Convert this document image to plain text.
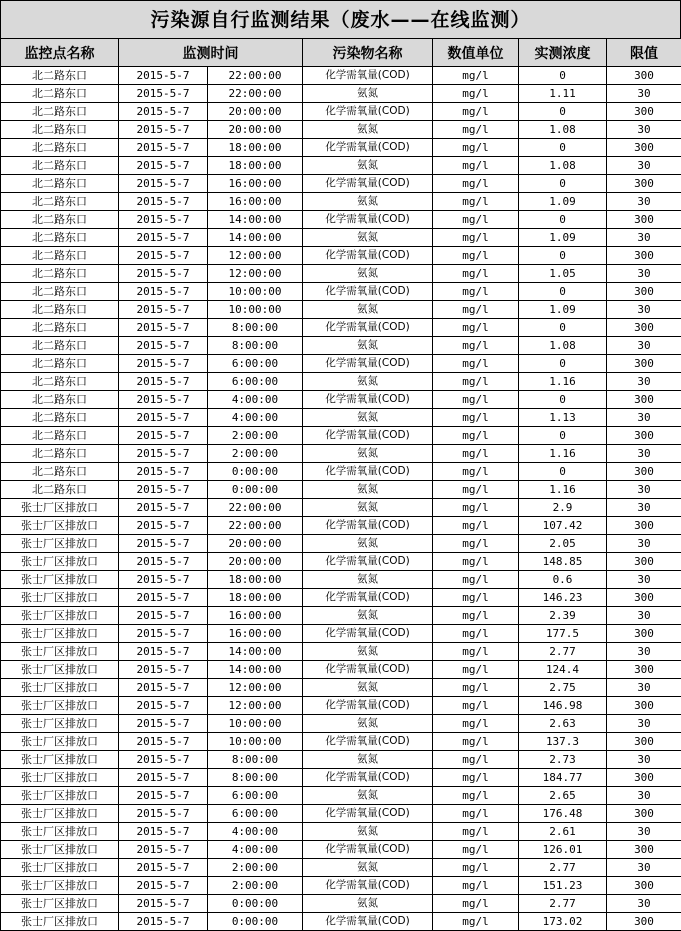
污染源自行监测结果（废水——在线监测）
监控点名称	监测时间		污染物名称	数值单位	实测浓度	限值
北二路东口	2015-5-7	22:00:00	化学需氧量(COD)	mg/l	0	300
北二路东口	2015-5-7	22:00:00	氨氮	mg/l	1.11	30
北二路东口	2015-5-7	20:00:00	化学需氧量(COD)	mg/l	0	300
北二路东口	2015-5-7	20:00:00	氨氮	mg/l	1.08	30
北二路东口	2015-5-7	18:00:00	化学需氧量(COD)	mg/l	0	300
北二路东口	2015-5-7	18:00:00	氨氮	mg/l	1.08	30
北二路东口	2015-5-7	16:00:00	化学需氧量(COD)	mg/l	0	300
北二路东口	2015-5-7	16:00:00	氨氮	mg/l	1.09	30
北二路东口	2015-5-7	14:00:00	化学需氧量(COD)	mg/l	0	300
北二路东口	2015-5-7	14:00:00	氨氮	mg/l	1.09	30
北二路东口	2015-5-7	12:00:00	化学需氧量(COD)	mg/l	0	300
北二路东口	2015-5-7	12:00:00	氨氮	mg/l	1.05	30
北二路东口	2015-5-7	10:00:00	化学需氧量(COD)	mg/l	0	300
北二路东口	2015-5-7	10:00:00	氨氮	mg/l	1.09	30
北二路东口	2015-5-7	8:00:00	化学需氧量(COD)	mg/l	0	300
北二路东口	2015-5-7	8:00:00	氨氮	mg/l	1.08	30
北二路东口	2015-5-7	6:00:00	化学需氧量(COD)	mg/l	0	300
北二路东口	2015-5-7	6:00:00	氨氮	mg/l	1.16	30
北二路东口	2015-5-7	4:00:00	化学需氧量(COD)	mg/l	0	300
北二路东口	2015-5-7	4:00:00	氨氮	mg/l	1.13	30
北二路东口	2015-5-7	2:00:00	化学需氧量(COD)	mg/l	0	300
北二路东口	2015-5-7	2:00:00	氨氮	mg/l	1.16	30
北二路东口	2015-5-7	0:00:00	化学需氧量(COD)	mg/l	0	300
北二路东口	2015-5-7	0:00:00	氨氮	mg/l	1.16	30
张士厂区排放口	2015-5-7	22:00:00	氨氮	mg/l	2.9	30
张士厂区排放口	2015-5-7	22:00:00	化学需氧量(COD)	mg/l	107.42	300
张士厂区排放口	2015-5-7	20:00:00	氨氮	mg/l	2.05	30
张士厂区排放口	2015-5-7	20:00:00	化学需氧量(COD)	mg/l	148.85	300
张士厂区排放口	2015-5-7	18:00:00	氨氮	mg/l	0.6	30
张士厂区排放口	2015-5-7	18:00:00	化学需氧量(COD)	mg/l	146.23	300
张士厂区排放口	2015-5-7	16:00:00	氨氮	mg/l	2.39	30
张士厂区排放口	2015-5-7	16:00:00	化学需氧量(COD)	mg/l	177.5	300
张士厂区排放口	2015-5-7	14:00:00	氨氮	mg/l	2.77	30
张士厂区排放口	2015-5-7	14:00:00	化学需氧量(COD)	mg/l	124.4	300
张士厂区排放口	2015-5-7	12:00:00	氨氮	mg/l	2.75	30
张士厂区排放口	2015-5-7	12:00:00	化学需氧量(COD)	mg/l	146.98	300
张士厂区排放口	2015-5-7	10:00:00	氨氮	mg/l	2.63	30
张士厂区排放口	2015-5-7	10:00:00	化学需氧量(COD)	mg/l	137.3	300
张士厂区排放口	2015-5-7	8:00:00	氨氮	mg/l	2.73	30
张士厂区排放口	2015-5-7	8:00:00	化学需氧量(COD)	mg/l	184.77	300
张士厂区排放口	2015-5-7	6:00:00	氨氮	mg/l	2.65	30
张士厂区排放口	2015-5-7	6:00:00	化学需氧量(COD)	mg/l	176.48	300
张士厂区排放口	2015-5-7	4:00:00	氨氮	mg/l	2.61	30
张士厂区排放口	2015-5-7	4:00:00	化学需氧量(COD)	mg/l	126.01	300
张士厂区排放口	2015-5-7	2:00:00	氨氮	mg/l	2.77	30
张士厂区排放口	2015-5-7	2:00:00	化学需氧量(COD)	mg/l	151.23	300
张士厂区排放口	2015-5-7	0:00:00	氨氮	mg/l	2.77	30
张士厂区排放口	2015-5-7	0:00:00	化学需氧量(COD)	mg/l	173.02	300
